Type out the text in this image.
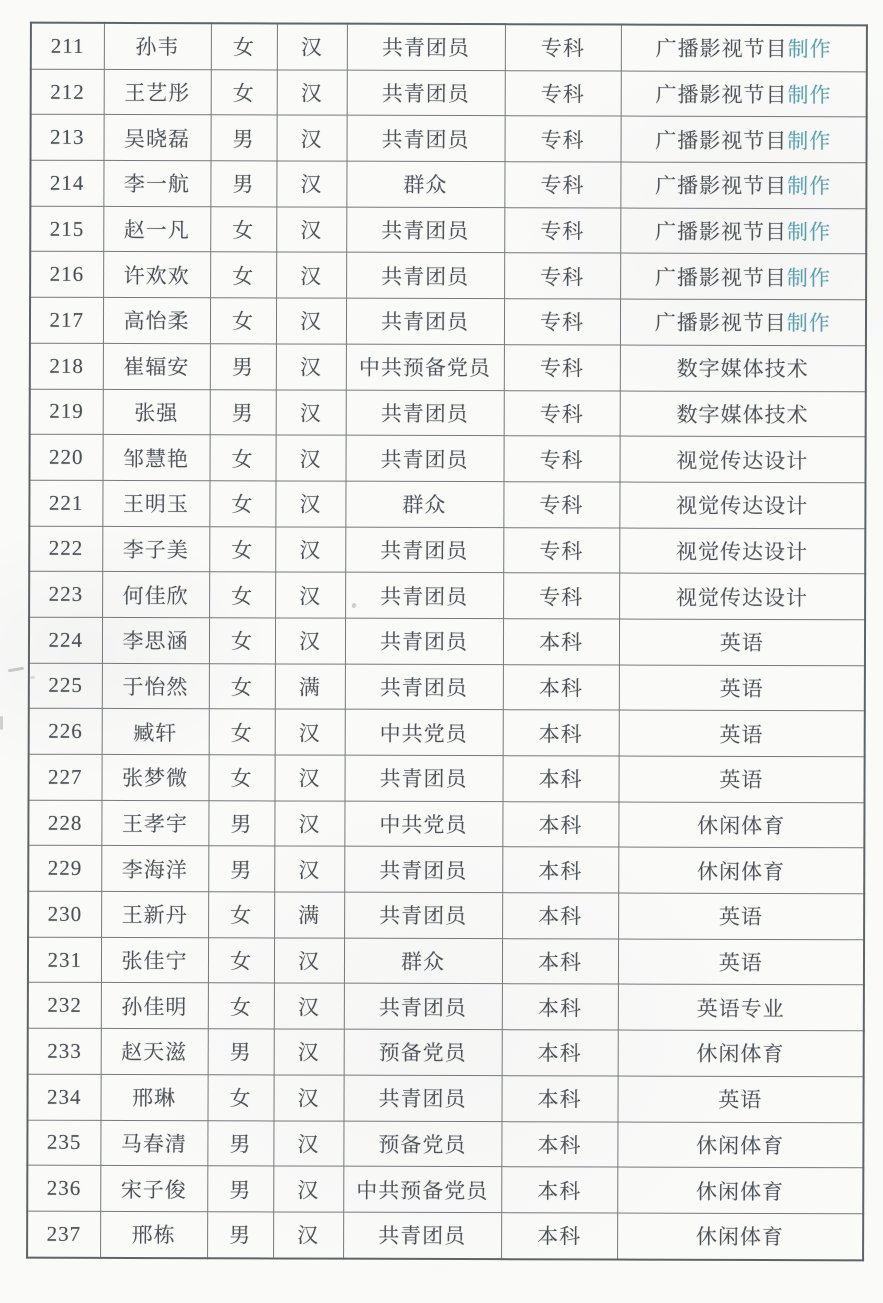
211	孙韦	女	汉	共青团员	专科	广播影视节目制作
212	王艺彤	女	汉	共青团员	专科	广播影视节目制作
213	吴晓磊	男	汉	共青团员	专科	广播影视节目制作
214	李一航	男	汉	群众	专科	广播影视节目制作
215	赵一凡	女	汉	共青团员	专科	广播影视节目制作
216	许欢欢	女	汉	共青团员	专科	广播影视节目制作
217	高怡柔	女	汉	共青团员	专科	广播影视节目制作
218	崔辐安	男	汉	中共预备党员	专科	数字媒体技术
219	张强	男	汉	共青团员	专科	数字媒体技术
220	邹慧艳	女	汉	共青团员	专科	视觉传达设计
221	王明玉	女	汉	群众	专科	视觉传达设计
222	李子美	女	汉	共青团员	专科	视觉传达设计
223	何佳欣	女	汉	共青团员	专科	视觉传达设计
224	李思涵	女	汉	共青团员	本科	英语
225	于怡然	女	满	共青团员	本科	英语
226	臧轩	女	汉	中共党员	本科	英语
227	张梦微	女	汉	共青团员	本科	英语
228	王孝宇	男	汉	中共党员	本科	休闲体育
229	李海洋	男	汉	共青团员	本科	休闲体育
230	王新丹	女	满	共青团员	本科	英语
231	张佳宁	女	汉	群众	本科	英语
232	孙佳明	女	汉	共青团员	本科	英语专业
233	赵天滋	男	汉	预备党员	本科	休闲体育
234	邢琳	女	汉	共青团员	本科	英语
235	马春清	男	汉	预备党员	本科	休闲体育
236	宋子俊	男	汉	中共预备党员	本科	休闲体育
237	邢栋	男	汉	共青团员	本科	休闲体育
